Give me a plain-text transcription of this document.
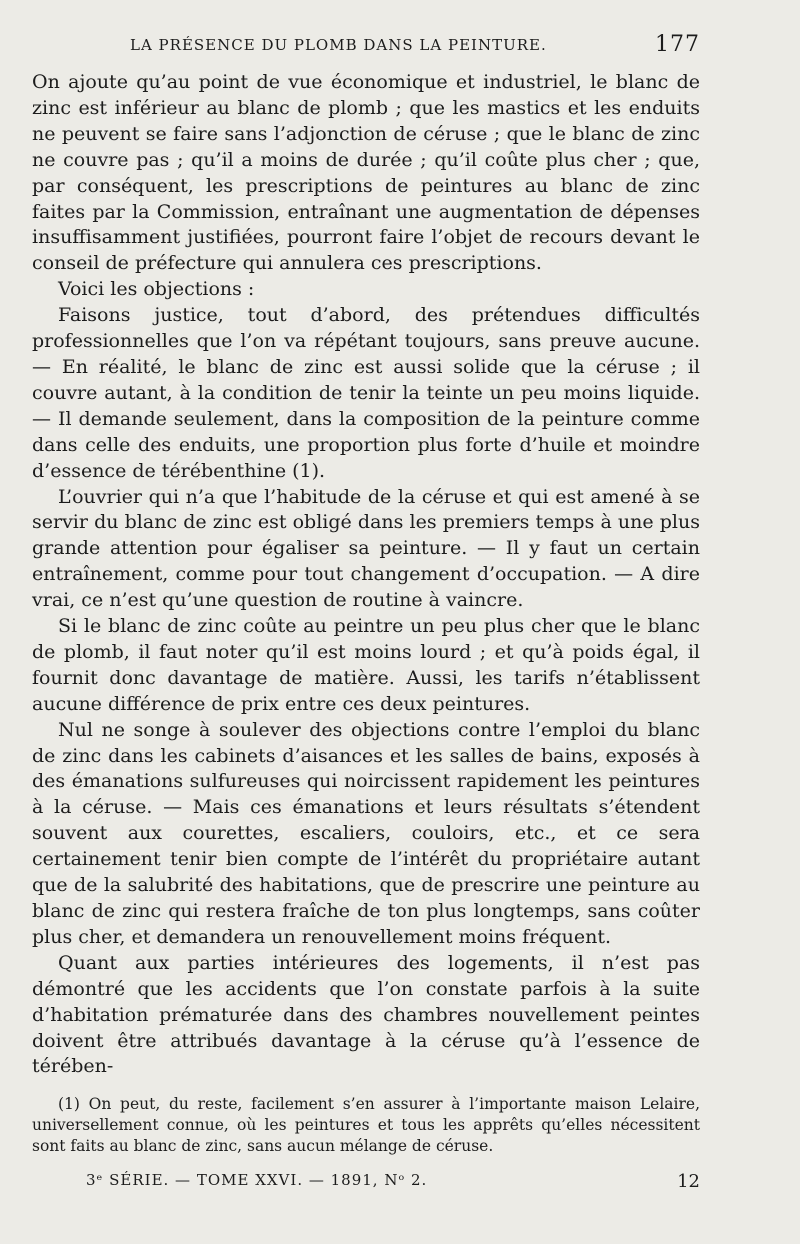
LA PRÉSENCE DU PLOMB DANS LA PEINTURE.	177

On ajoute qu’au point de vue économique et industriel, le blanc de zinc est inférieur au blanc de plomb ; que les mastics et les enduits ne peuvent se faire sans l’adjonction de céruse ; que le blanc de zinc ne couvre pas ; qu’il a moins de durée ; qu’il coûte plus cher ; que, par conséquent, les prescriptions de peintures au blanc de zinc faites par la Commission, entraînant une augmentation de dépenses insuffisamment justifiées, pourront faire l’objet de recours devant le conseil de préfecture qui annulera ces prescriptions.

Voici les objections :

Faisons justice, tout d’abord, des prétendues difficultés professionnelles que l’on va répétant toujours, sans preuve aucune. — En réalité, le blanc de zinc est aussi solide que la céruse ; il couvre autant, à la condition de tenir la teinte un peu moins liquide. — Il demande seulement, dans la composition de la peinture comme dans celle des enduits, une proportion plus forte d’huile et moindre d’essence de térébenthine (1).

L’ouvrier qui n’a que l’habitude de la céruse et qui est amené à se servir du blanc de zinc est obligé dans les premiers temps à une plus grande attention pour égaliser sa peinture. — Il y faut un certain entraînement, comme pour tout changement d’occupation. — A dire vrai, ce n’est qu’une question de routine à vaincre.

Si le blanc de zinc coûte au peintre un peu plus cher que le blanc de plomb, il faut noter qu’il est moins lourd ; et qu’à poids égal, il fournit donc davantage de matière. Aussi, les tarifs n’établissent aucune différence de prix entre ces deux peintures.

Nul ne songe à soulever des objections contre l’emploi du blanc de zinc dans les cabinets d’aisances et les salles de bains, exposés à des émanations sulfureuses qui noircissent rapidement les peintures à la céruse. — Mais ces émanations et leurs résultats s’étendent souvent aux courettes, escaliers, couloirs, etc., et ce sera certainement tenir bien compte de l’intérêt du propriétaire autant que de la salubrité des habitations, que de prescrire une peinture au blanc de zinc qui restera fraîche de ton plus longtemps, sans coûter plus cher, et demandera un renouvellement moins fréquent.

Quant aux parties intérieures des logements, il n’est pas démontré que les accidents que l’on constate parfois à la suite d’habitation prématurée dans des chambres nouvellement peintes doivent être attribués davantage à la céruse qu’à l’essence de térében-

(1) On peut, du reste, facilement s’en assurer à l’importante maison Lelaire, universellement connue, où les peintures et tous les apprêts qu’elles nécessitent sont faits au blanc de zinc, sans aucun mélange de céruse.
3ᵉ SÉRIE. — TOME XXVI. — 1891, Nᵒ 2.	12
